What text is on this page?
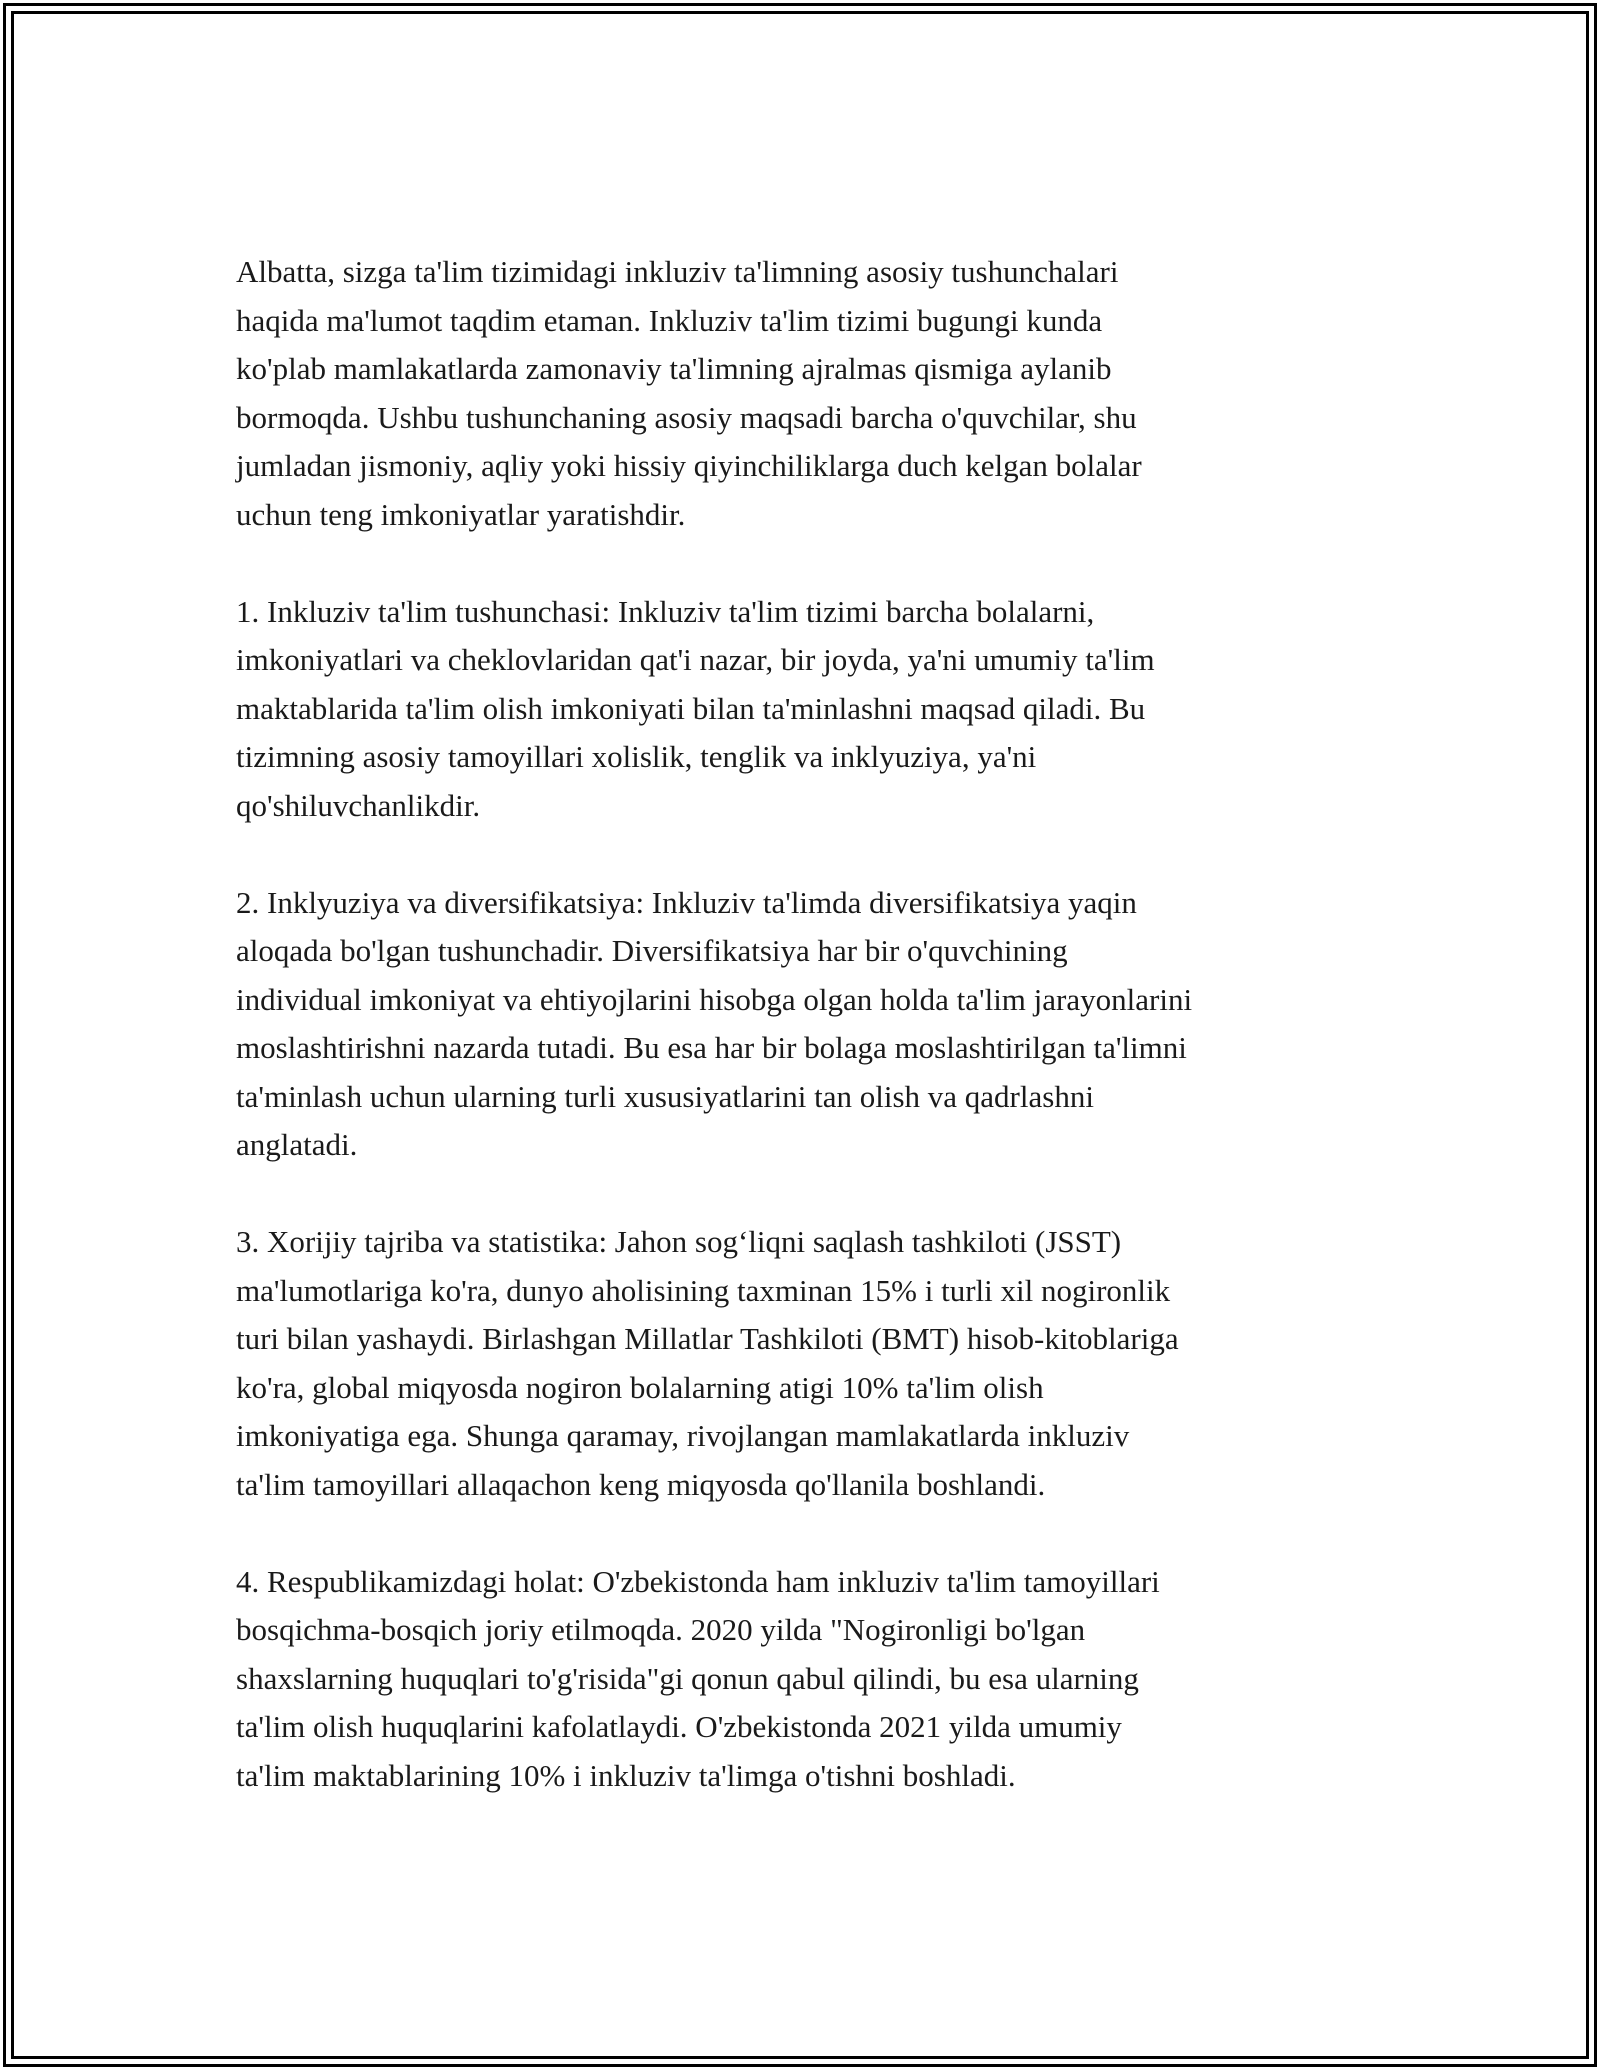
Albatta, sizga ta'lim tizimidagi inkluziv ta'limning asosiy tushunchalari
haqida ma'lumot taqdim etaman. Inkluziv ta'lim tizimi bugungi kunda
ko'plab mamlakatlarda zamonaviy ta'limning ajralmas qismiga aylanib
bormoqda. Ushbu tushunchaning asosiy maqsadi barcha o'quvchilar, shu
jumladan jismoniy, aqliy yoki hissiy qiyinchiliklarga duch kelgan bolalar
uchun teng imkoniyatlar yaratishdir.
1. Inkluziv ta'lim tushunchasi: Inkluziv ta'lim tizimi barcha bolalarni,
imkoniyatlari va cheklovlaridan qat'i nazar, bir joyda, ya'ni umumiy ta'lim
maktablarida ta'lim olish imkoniyati bilan ta'minlashni maqsad qiladi. Bu
tizimning asosiy tamoyillari xolislik, tenglik va inklyuziya, ya'ni
qo'shiluvchanlikdir.
2. Inklyuziya va diversifikatsiya: Inkluziv ta'limda diversifikatsiya yaqin
aloqada bo'lgan tushunchadir. Diversifikatsiya har bir o'quvchining
individual imkoniyat va ehtiyojlarini hisobga olgan holda ta'lim jarayonlarini
moslashtirishni nazarda tutadi. Bu esa har bir bolaga moslashtirilgan ta'limni
ta'minlash uchun ularning turli xususiyatlarini tan olish va qadrlashni
anglatadi.
3. Xorijiy tajriba va statistika: Jahon sog‘liqni saqlash tashkiloti (JSST)
ma'lumotlariga ko'ra, dunyo aholisining taxminan 15% i turli xil nogironlik
turi bilan yashaydi. Birlashgan Millatlar Tashkiloti (BMT) hisob-kitoblariga
ko'ra, global miqyosda nogiron bolalarning atigi 10% ta'lim olish
imkoniyatiga ega. Shunga qaramay, rivojlangan mamlakatlarda inkluziv
ta'lim tamoyillari allaqachon keng miqyosda qo'llanila boshlandi.
4. Respublikamizdagi holat: O'zbekistonda ham inkluziv ta'lim tamoyillari
bosqichma-bosqich joriy etilmoqda. 2020 yilda "Nogironligi bo'lgan
shaxslarning huquqlari to'g'risida"gi qonun qabul qilindi, bu esa ularning
ta'lim olish huquqlarini kafolatlaydi. O'zbekistonda 2021 yilda umumiy
ta'lim maktablarining 10% i inkluziv ta'limga o'tishni boshladi.
